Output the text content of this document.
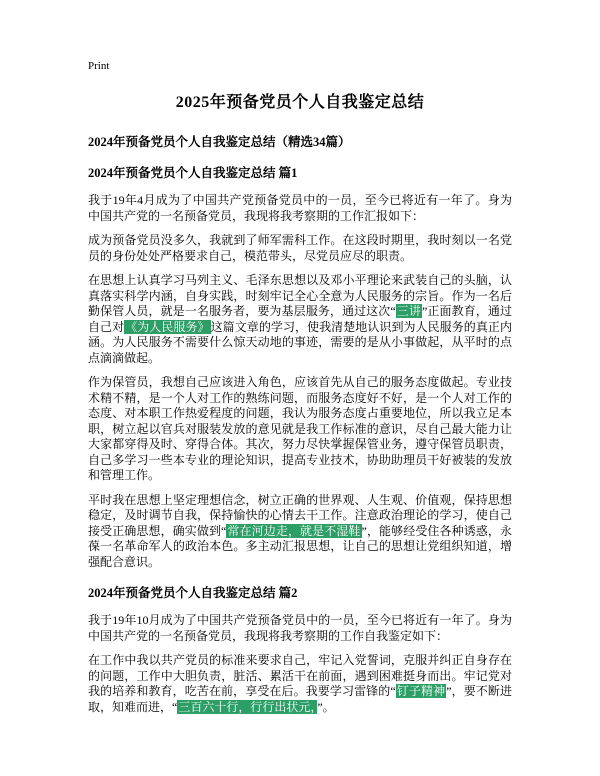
Print
2025年预备党员个人自我鉴定总结
2024年预备党员个人自我鉴定总结（精选34篇）
2024年预备党员个人自我鉴定总结 篇1

我于19年4月成为了中国共产党预备党员中的一员，至今已将近有一年了。身为中国共产党的一名预备党员，我现将我考察期的工作汇报如下：

成为预备党员没多久，我就到了师军需科工作。在这段时期里，我时刻以一名党员的身份处处严格要求自己，模范带头，尽党员应尽的职责。

在思想上认真学习马列主义、毛泽东思想以及邓小平理论来武装自己的头脑，认真落实科学内涵，自身实践，时刻牢记全心全意为人民服务的宗旨。作为一名后勤保管人员，就是一名服务者，要为基层服务，通过这次“三讲”正面教育，通过自己对《为人民服务》这篇文章的学习，使我清楚地认识到为人民服务的真正内涵。为人民服务不需要什么惊天动地的事迹，需要的是从小事做起，从平时的点点滴滴做起。

作为保管员，我想自己应该进入角色，应该首先从自己的服务态度做起。专业技术精不精，是一个人对工作的熟练问题，而服务态度好不好，是一个人对工作的态度、对本职工作热爱程度的问题，我认为服务态度占重要地位，所以我立足本职，树立起以官兵对服装发放的意见就是我工作标准的意识，尽自己最大能力让大家都穿得及时、穿得合体。其次，努力尽快掌握保管业务，遵守保管员职责，自己多学习一些本专业的理论知识，提高专业技术，协助助理员干好被装的发放和管理工作。

平时我在思想上坚定理想信念，树立正确的世界观、人生观、价值观，保持思想稳定，及时调节自我，保持愉快的心情去干工作。注意政治理论的学习，使自己接受正确思想，确实做到“常在河边走，就是不湿鞋”，能够经受住各种诱惑，永葆一名革命军人的政治本色。多主动汇报思想，让自己的思想让党组织知道，增强配合意识。

2024年预备党员个人自我鉴定总结 篇2

我于19年10月成为了中国共产党预备党员中的一员，至今已将近有一年了。身为中国共产党的一名预备党员，我现将我考察期的工作自我鉴定如下：

在工作中我以共产党员的标准来要求自己，牢记入党誓词，克服并纠正自身存在的问题，工作中大胆负责，脏活、累活干在前面，遇到困难挺身而出。牢记党对我的培养和教育，吃苦在前，享受在后。我要学习雷锋的“钉子精神”，要不断进取，知难而进，“三百六十行，行行出状元，”。
